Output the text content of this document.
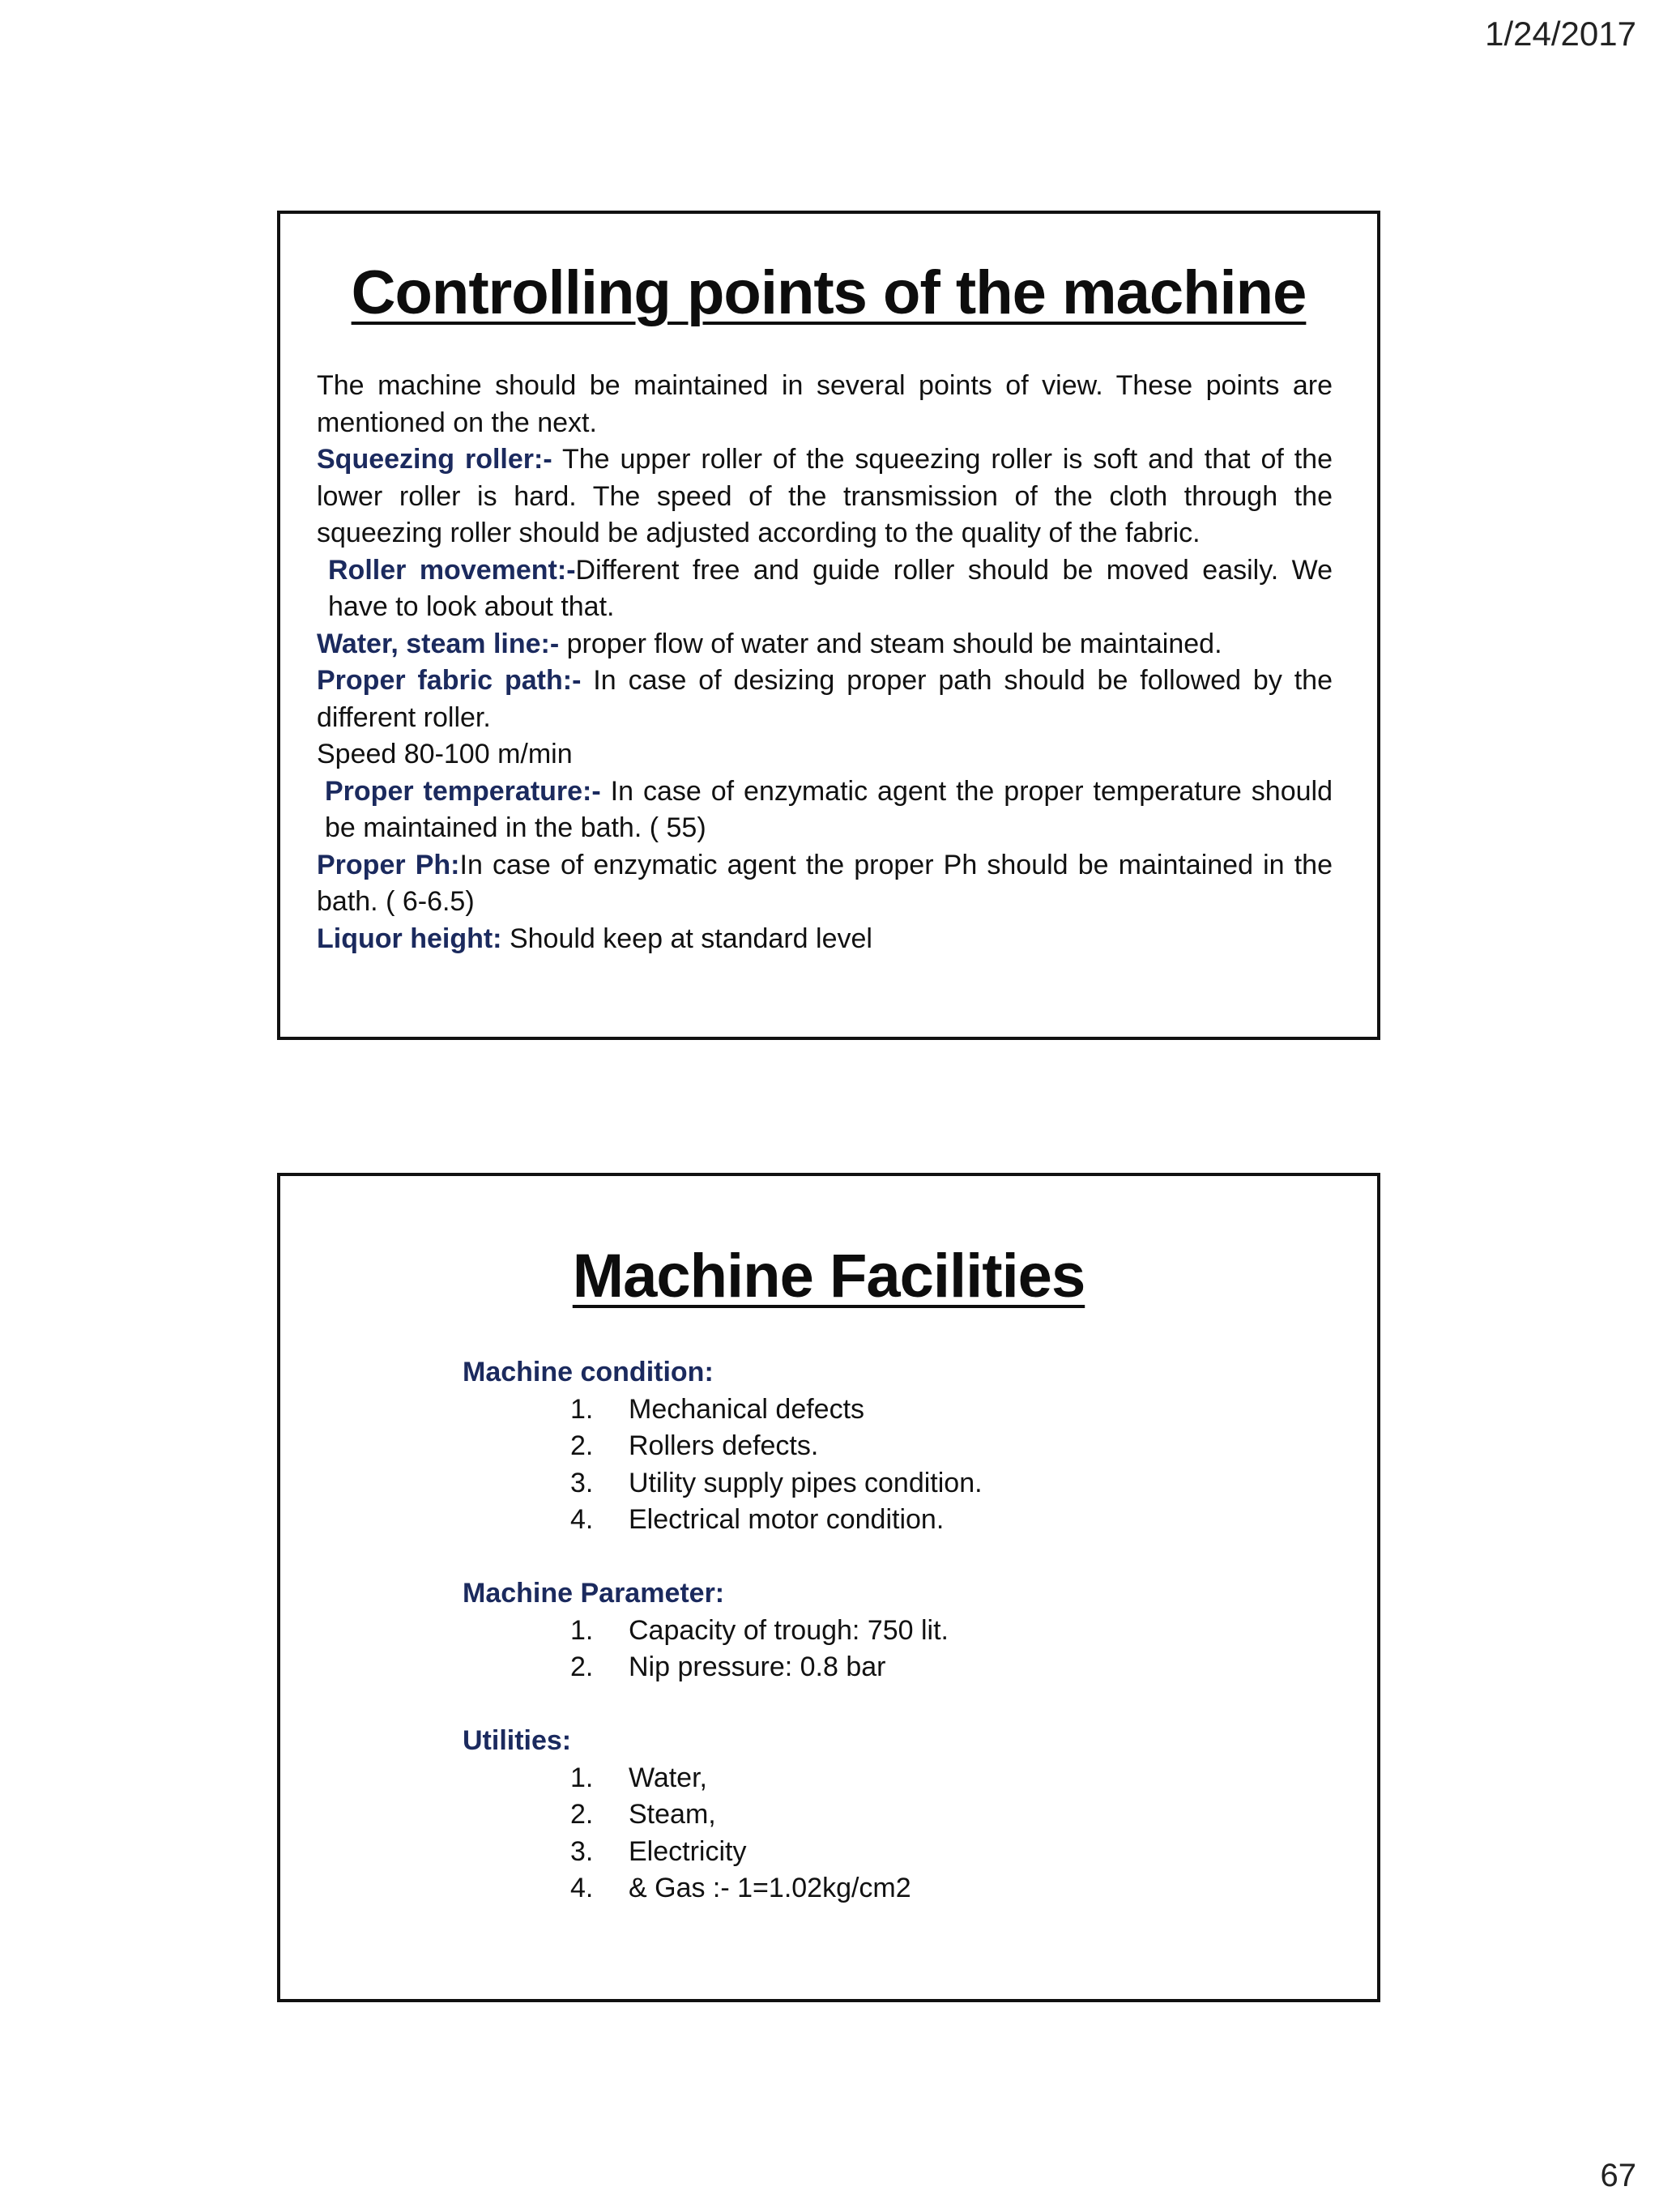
1/24/2017
Controlling points of the machine

The machine should be maintained in several points of view. These points are mentioned on the next.

Squeezing roller:- The upper roller of the squeezing roller is soft and that of the lower roller is hard. The speed of the transmission of the cloth through the squeezing roller should be adjusted according to the quality of the fabric.

Roller movement:-Different free and guide roller should be moved easily. We have to look about that.

Water, steam line:- proper flow of water and steam should be maintained.

Proper fabric path:- In case of desizing proper path should be followed by the different roller.

Speed 80-100 m/min

Proper temperature:- In case of enzymatic agent the proper temperature should be maintained in the bath. ( 55)

Proper Ph:In case of enzymatic agent the proper Ph should be maintained in the bath. ( 6-6.5)

Liquor height: Should keep at standard level

Machine Facilities

Machine condition:

1. Mechanical defects
2. Rollers defects.
3. Utility supply pipes condition.
4. Electrical motor condition.

Machine Parameter:

1. Capacity of trough: 750 lit.
2. Nip pressure: 0.8 bar

Utilities:

1. Water,
2. Steam,
3. Electricity
4. & Gas :- 1=1.02kg/cm2
67
